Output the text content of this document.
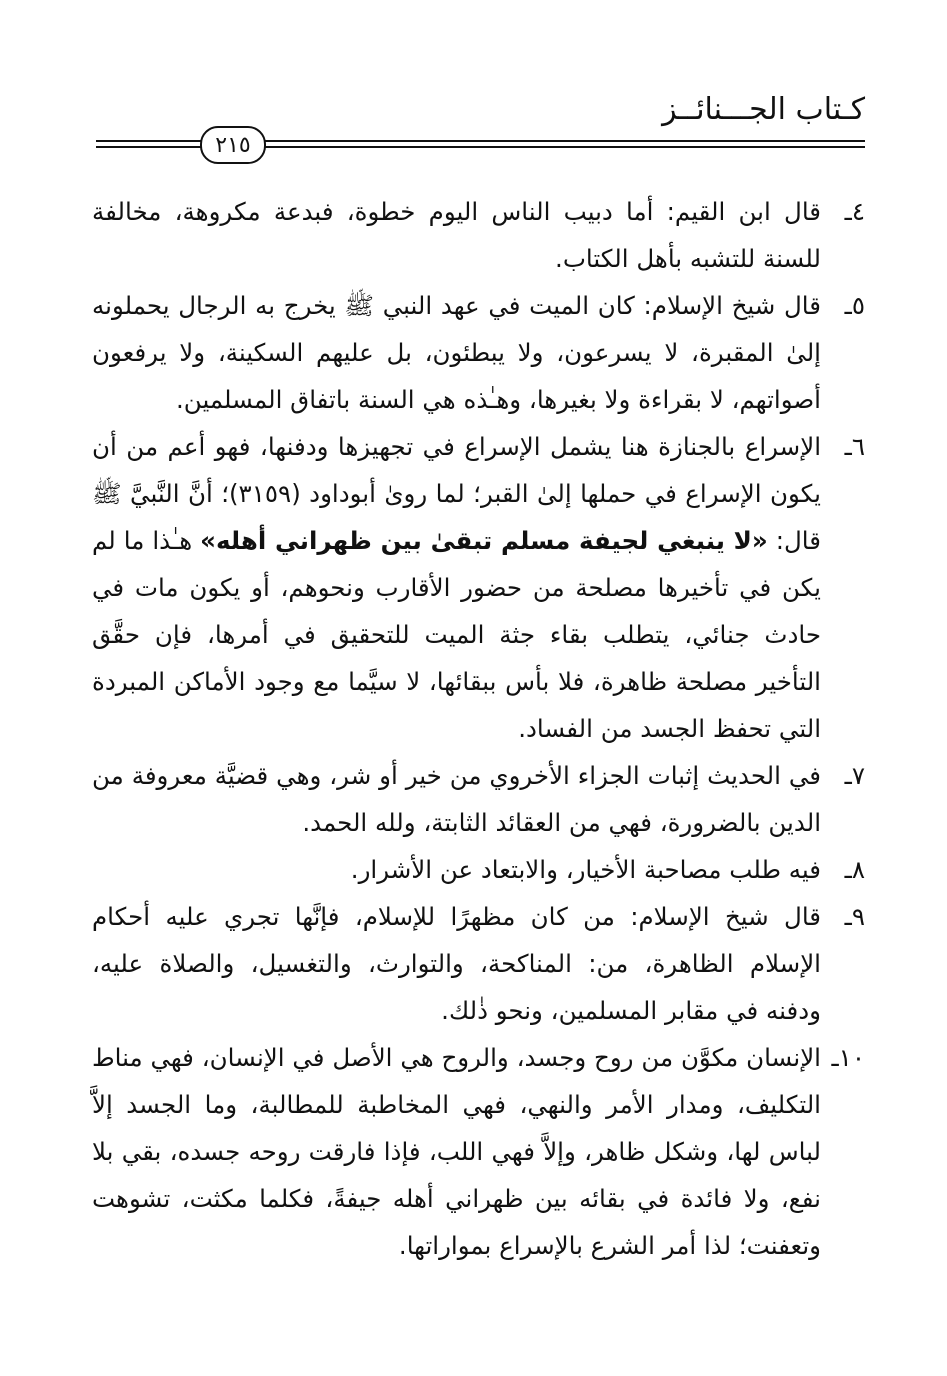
كـتاب الجـــنائــز
٢١٥

٤ـ
قال ابن القيم: أما دبيب الناس اليوم خطوة، فبدعة مكروهة، مخالفة للسنة للتشبه بأهل الكتاب.

٥ـ
قال شيخ الإسلام: كان الميت في عهد النبي ﷺ يخرج به الرجال يحملونه إلىٰ المقبرة، لا يسرعون، ولا يبطئون، بل عليهم السكينة، ولا يرفعون أصواتهم، لا بقراءة ولا بغيرها، وهـٰذه هي السنة باتفاق المسلمين.

٦ـ
الإسراع بالجنازة هنا يشمل الإسراع في تجهيزها ودفنها، فهو أعم من أن يكون الإسراع في حملها إلىٰ القبر؛ لما روىٰ أبوداود (٣١٥٩)؛ أنَّ النَّبيَّ ﷺ قال: «لا ينبغي لجيفة مسلم تبقىٰ بين ظهراني أهله» هـٰذا ما لم يكن في تأخيرها مصلحة من حضور الأقارب ونحوهم، أو يكون مات في حادث جنائي، يتطلب بقاء جثة الميت للتحقيق في أمرها، فإن حقَّق التأخير مصلحة ظاهرة، فلا بأس ببقائها، لا سيَّما مع وجود الأماكن المبردة التي تحفظ الجسد من الفساد.

٧ـ
في الحديث إثبات الجزاء الأخروي من خير أو شر، وهي قضيَّة معروفة من الدين بالضرورة، فهي من العقائد الثابتة، ولله الحمد.

٨ـ
فيه طلب مصاحبة الأخيار، والابتعاد عن الأشرار.

٩ـ
قال شيخ الإسلام: من كان مظهرًا للإسلام، فإنَّها تجري عليه أحكام الإسلام الظاهرة، من: المناكحة، والتوارث، والتغسيل، والصلاة عليه، ودفنه في مقابر المسلمين، ونحو ذٰلك.

١٠ـ
الإنسان مكوَّن من روح وجسد، والروح هي الأصل في الإنسان، فهي مناط التكليف، ومدار الأمر والنهي، فهي المخاطبة للمطالبة، وما الجسد إلاَّ لباس لها، وشكل ظاهر، وإلاَّ فهي اللب، فإذا فارقت روحه جسده، بقي بلا نفع، ولا فائدة في بقائه بين ظهراني أهله جيفةً، فكلما مكثت، تشوهت وتعفنت؛ لذا أمر الشرع بالإسراع بمواراتها.
